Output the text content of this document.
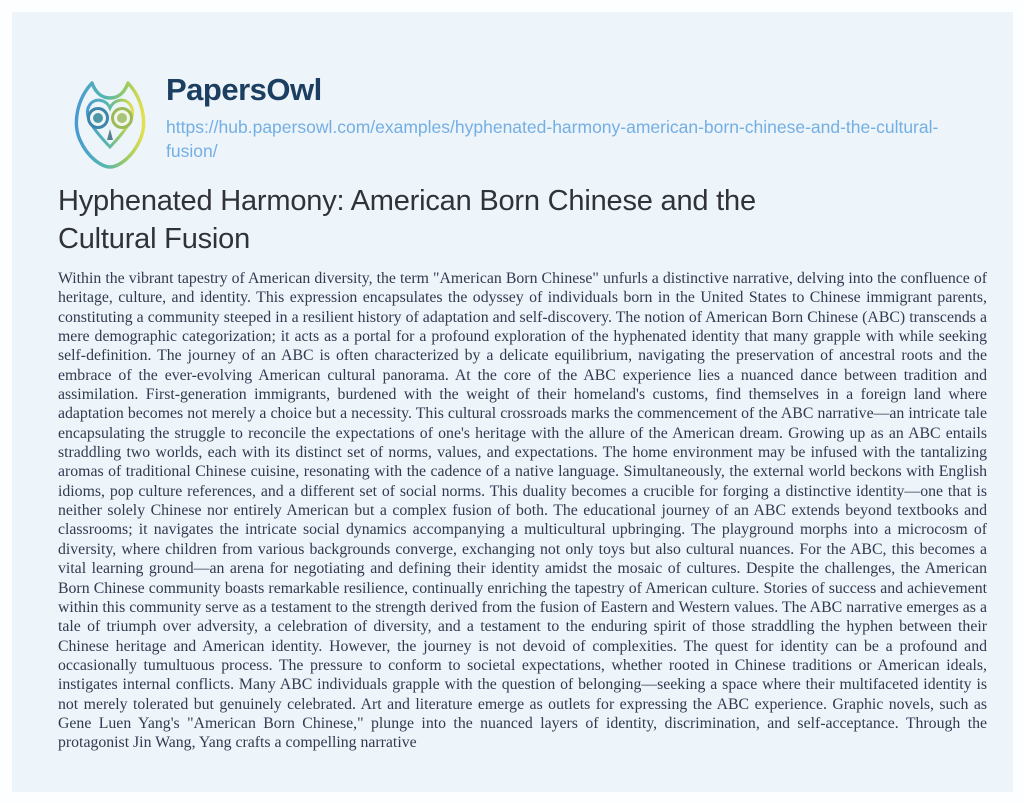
PapersOwl
https://hub.papersowl.com/examples/hyphenated-harmony-american-born-chinese-and-the-cultural-fusion/
Hyphenated Harmony: American Born Chinese and the Cultural Fusion

Within the vibrant tapestry of American diversity, the term "American Born Chinese" unfurls a distinctive narrative, delving into the confluence of heritage, culture, and identity. This expression encapsulates the odyssey of individuals born in the United States to Chinese immigrant parents, constituting a community steeped in a resilient history of adaptation and self-discovery. The notion of American Born Chinese (ABC) transcends a mere demographic categorization; it acts as a portal for a profound exploration of the hyphenated identity that many grapple with while seeking self-definition. The journey of an ABC is often characterized by a delicate equilibrium, navigating the preservation of ancestral roots and the embrace of the ever-evolving American cultural panorama. At the core of the ABC experience lies a nuanced dance between tradition and assimilation. First-generation immigrants, burdened with the weight of their homeland's customs, find themselves in a foreign land where adaptation becomes not merely a choice but a necessity. This cultural crossroads marks the commencement of the ABC narrative—an intricate tale encapsulating the struggle to reconcile the expectations of one's heritage with the allure of the American dream. Growing up as an ABC entails straddling two worlds, each with its distinct set of norms, values, and expectations. The home environment may be infused with the tantalizing aromas of traditional Chinese cuisine, resonating with the cadence of a native language. Simultaneously, the external world beckons with English idioms, pop culture references, and a different set of social norms. This duality becomes a crucible for forging a distinctive identity—one that is neither solely Chinese nor entirely American but a complex fusion of both. The educational journey of an ABC extends beyond textbooks and classrooms; it navigates the intricate social dynamics accompanying a multicultural upbringing. The playground morphs into a microcosm of diversity, where children from various backgrounds converge, exchanging not only toys but also cultural nuances. For the ABC, this becomes a vital learning ground—an arena for negotiating and defining their identity amidst the mosaic of cultures. Despite the challenges, the American Born Chinese community boasts remarkable resilience, continually enriching the tapestry of American culture. Stories of success and achievement within this community serve as a testament to the strength derived from the fusion of Eastern and Western values. The ABC narrative emerges as a tale of triumph over adversity, a celebration of diversity, and a testament to the enduring spirit of those straddling the hyphen between their Chinese heritage and American identity. However, the journey is not devoid of complexities. The quest for identity can be a profound and occasionally tumultuous process. The pressure to conform to societal expectations, whether rooted in Chinese traditions or American ideals, instigates internal conflicts. Many ABC individuals grapple with the question of belonging—seeking a space where their multifaceted identity is not merely tolerated but genuinely celebrated. Art and literature emerge as outlets for expressing the ABC experience. Graphic novels, such as Gene Luen Yang's "American Born Chinese," plunge into the nuanced layers of identity, discrimination, and self-acceptance. Through the protagonist Jin Wang, Yang crafts a compelling narrative
